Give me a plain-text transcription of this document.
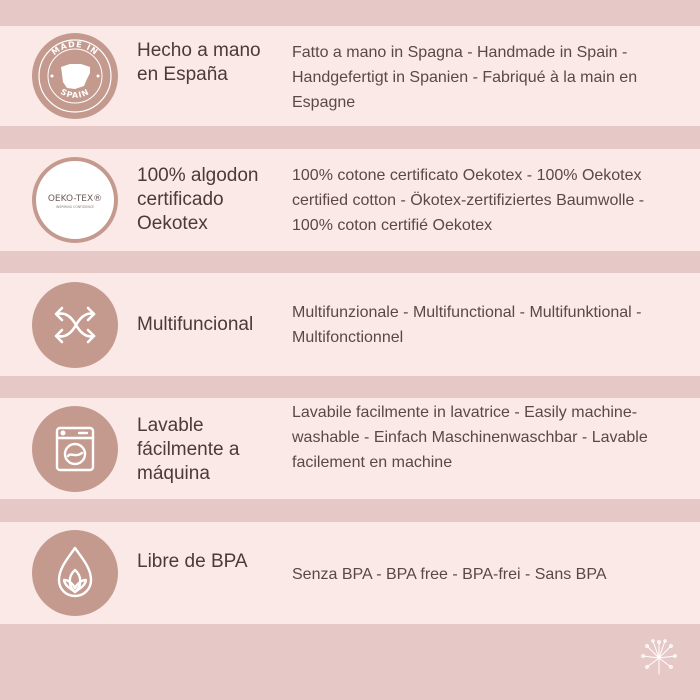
MADE IN
SPAIN
Hecho a mano en España
Fatto a mano in Spagna - Handmade in Spain - Handgefertigt in Spanien - Fabriqué à la main en Espagne
OEKO-TEX®
INSPIRING CONFIDENCE
100% algodon certificado Oekotex
100% cotone certificato Oekotex - 100% Oekotex certified cotton - Ökotex-zertifiziertes Baumwolle - 100% coton certifié Oekotex
Multifuncional
Multifunzionale - Multifunctional - Multifunktional - Multifonctionnel
Lavable fácilmente a máquina
Lavabile facilmente in lavatrice - Easily machine-washable - Einfach Maschinenwaschbar - Lavable facilement en machine
Libre de BPA
Senza BPA - BPA free - BPA-frei - Sans BPA
